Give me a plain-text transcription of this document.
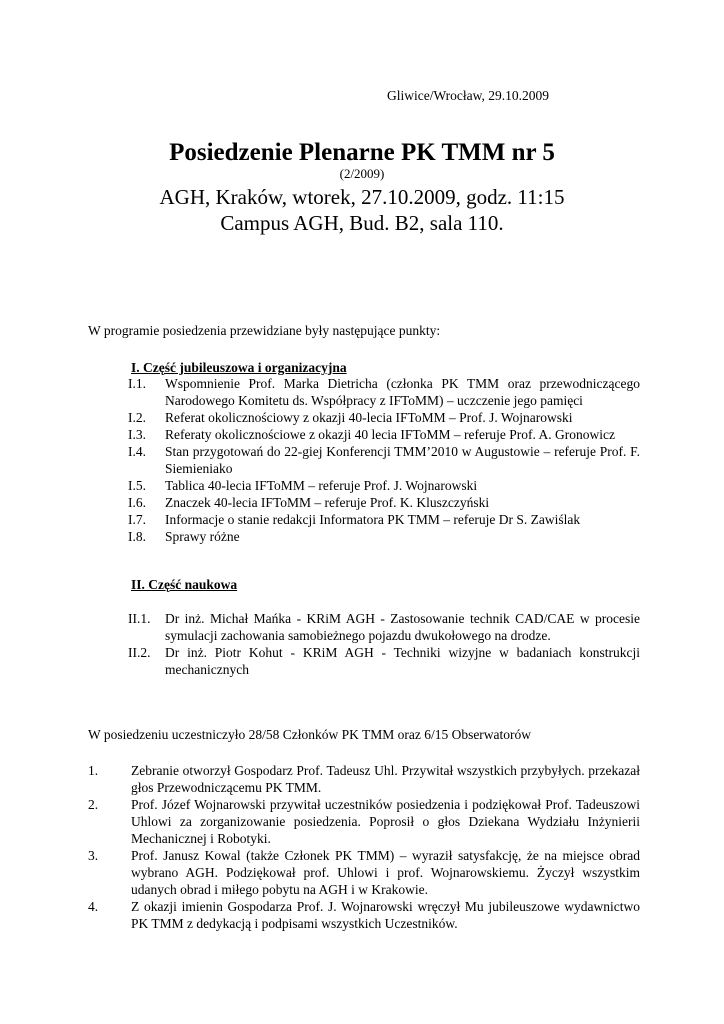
Gliwice/Wrocław, 29.10.2009
Posiedzenie Plenarne PK TMM nr 5
(2/2009)
AGH, Kraków, wtorek, 27.10.2009, godz. 11:15
Campus AGH, Bud. B2, sala 110.
W programie posiedzenia przewidziane były następujące punkty:
I. Część jubileuszowa i organizacyjna
I.1.	Wspomnienie Prof. Marka Dietricha (członka PK TMM oraz przewodniczącego Narodowego Komitetu ds. Współpracy z IFToMM) – uczczenie jego pamięci
I.2.	Referat okolicznościowy z okazji 40-lecia IFToMM – Prof. J. Wojnarowski
I.3.	Referaty okolicznościowe z okazji 40 lecia IFToMM – referuje Prof. A. Gronowicz
I.4.	Stan przygotowań do 22-giej Konferencji TMM’2010 w Augustowie – referuje Prof. F. Siemieniako
I.5.	Tablica 40-lecia IFToMM – referuje Prof. J. Wojnarowski
I.6.	Znaczek 40-lecia IFToMM – referuje Prof. K. Kluszczyński
I.7.	Informacje o stanie redakcji Informatora PK TMM – referuje Dr S. Zawiślak
I.8.	Sprawy różne
II. Część naukowa
II.1.	Dr inż. Michał Mańka - KRiM AGH - Zastosowanie technik CAD/CAE w procesie symulacji zachowania samobieżnego pojazdu dwukołowego na drodze.
II.2.	Dr inż. Piotr Kohut - KRiM AGH - Techniki wizyjne w badaniach konstrukcji mechanicznych
W posiedzeniu uczestniczyło 28/58 Członków PK TMM oraz 6/15 Obserwatorów
1.	Zebranie otworzył Gospodarz Prof. Tadeusz Uhl. Przywitał wszystkich przybyłych. przekazał głos Przewodniczącemu PK TMM.
2.	Prof. Józef Wojnarowski przywitał uczestników posiedzenia i podziękował Prof. Tadeuszowi Uhlowi za zorganizowanie posiedzenia. Poprosił o głos Dziekana Wydziału Inżynierii Mechanicznej i Robotyki.
3.	Prof. Janusz Kowal (także Członek PK TMM) – wyraził satysfakcję, że na miejsce obrad wybrano AGH. Podziękował prof. Uhlowi i prof. Wojnarowskiemu. Życzył wszystkim udanych obrad i miłego pobytu na AGH i w Krakowie.
4.	Z okazji imienin Gospodarza Prof. J. Wojnarowski wręczył Mu jubileuszowe wydawnictwo PK TMM z dedykacją i podpisami wszystkich Uczestników.
